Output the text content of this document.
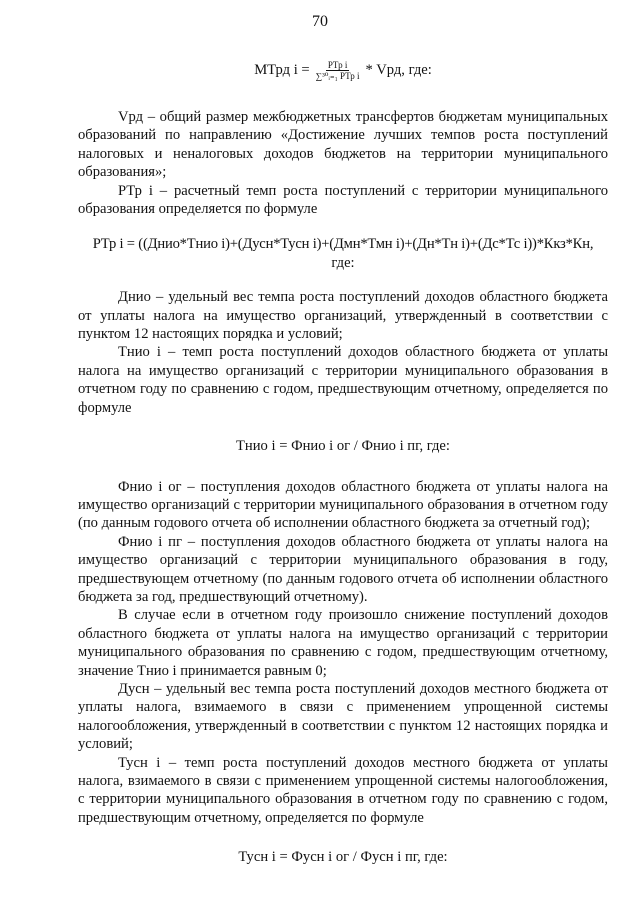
70
МТрд $i = \frac{\text{РТр i}}{\text{∑³⁰ᵢ₌₁ РТр i}}$ * Vрд, где:

Vрд – общий размер межбюджетных трансфертов бюджетам муниципальных образований по направлению «Достижение лучших темпов роста поступлений налоговых и неналоговых доходов бюджетов на территории муниципального образования»;

РТр i – расчетный темп роста поступлений с территории муниципального образования определяется по формуле

РТр i = ((Днио*Тнио i)+(Дусн*Тусн i)+(Дмн*Тмн i)+(Дн*Тн i)+(Дс*Тс i))*Ккз*Кн,
где:

Днио – удельный вес темпа роста поступлений доходов областного бюджета от уплаты налога на имущество организаций, утвержденный в соответствии с пунктом 12 настоящих порядка и условий;

Тнио i – темп роста поступлений доходов областного бюджета от уплаты налога на имущество организаций с территории муниципального образования в отчетном году по сравнению с годом, предшествующим отчетному, определяется по формуле

Тнио i = Фнио i ог / Фнио i пг, где:

Фнио i ог – поступления доходов областного бюджета от уплаты налога на имущество организаций с территории муниципального образования в отчетном году (по данным годового отчета об исполнении областного бюджета за отчетный год);

Фнио i пг – поступления доходов областного бюджета от уплаты налога на имущество организаций с территории муниципального образования в году, предшествующем отчетному (по данным годового отчета об исполнении областного бюджета за год, предшествующий отчетному).

В случае если в отчетном году произошло снижение поступлений доходов областного бюджета от уплаты налога на имущество организаций с территории муниципального образования по сравнению с годом, предшествующим отчетному, значение Тнио i принимается равным 0;

Дусн – удельный вес темпа роста поступлений доходов местного бюджета от уплаты налога, взимаемого в связи с применением упрощенной системы налогообложения, утвержденный в соответствии с пунктом 12 настоящих порядка и условий;

Тусн i – темп роста поступлений доходов местного бюджета от уплаты налога, взимаемого в связи с применением упрощенной системы налогообложения, с территории муниципального образования в отчетном году по сравнению с годом, предшествующим отчетному, определяется по формуле

Тусн i = Фусн i ог / Фусн i пг, где:
